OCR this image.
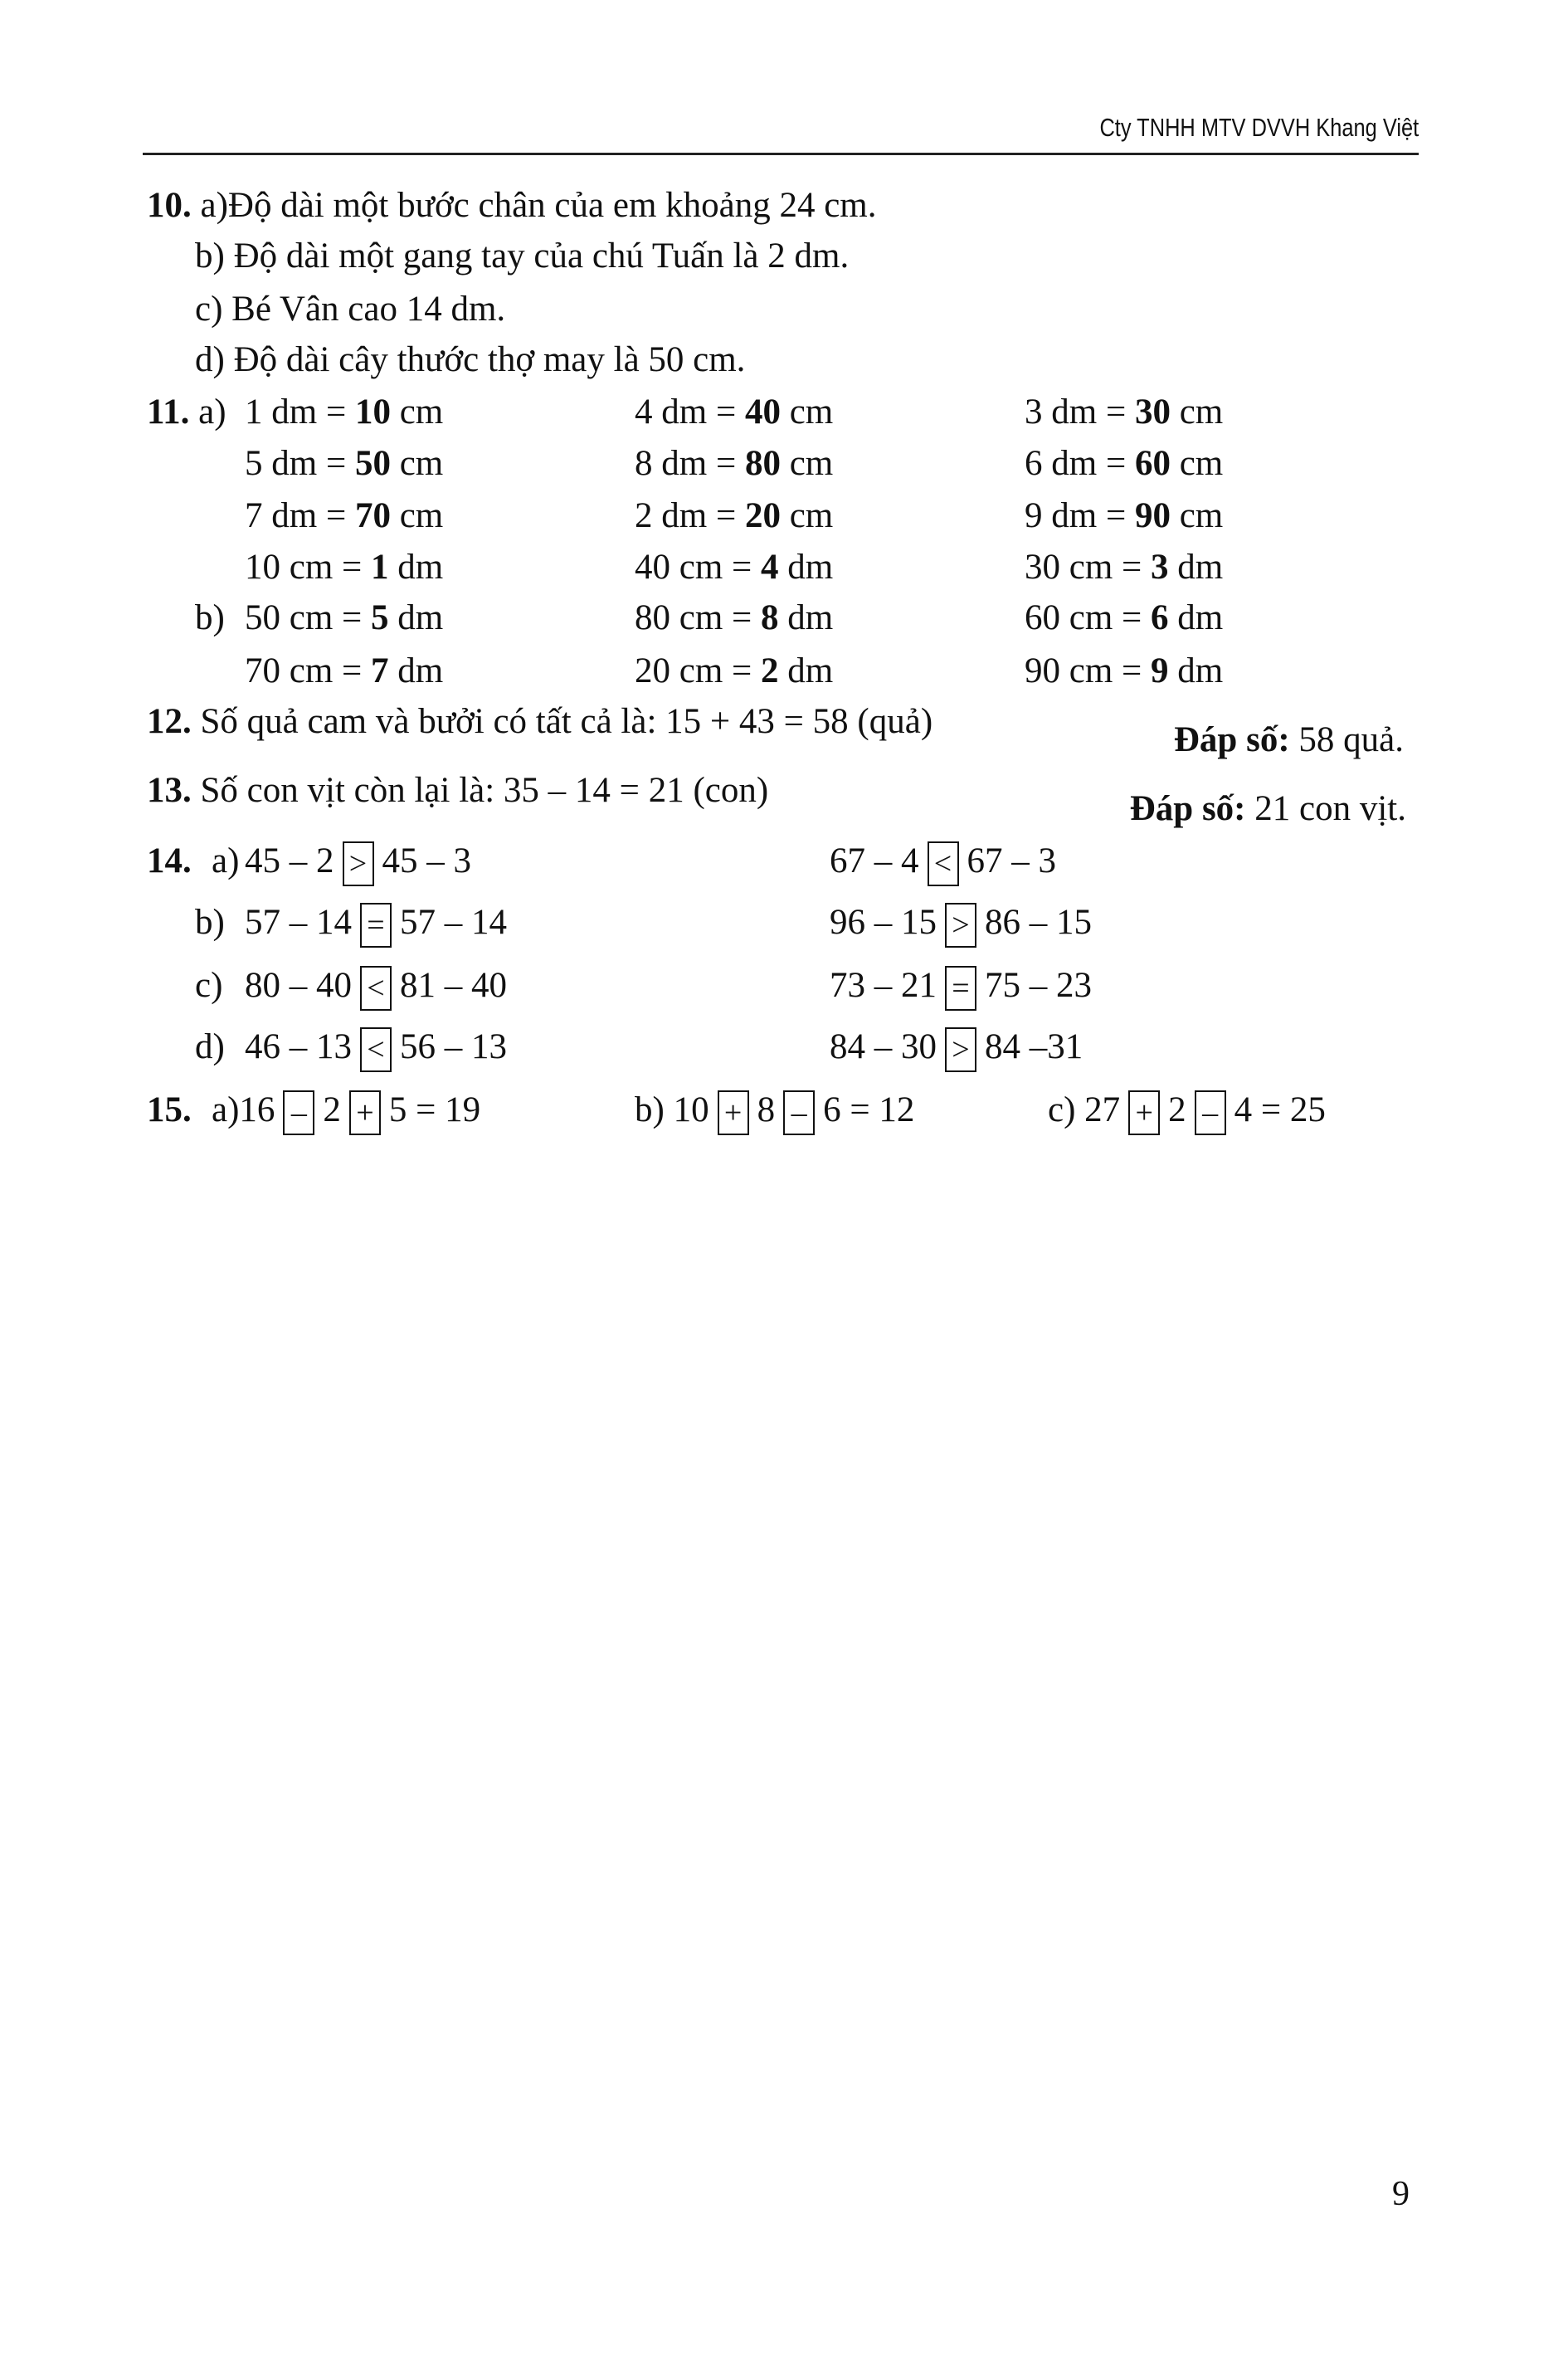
Cty TNHH MTV DVVH Khang Việt
10. a)Độ dài một bước chân của em khoảng 24 cm.
b) Độ dài một gang tay của chú Tuấn là 2 dm.
c) Bé Vân cao 14 dm.
d) Độ dài cây thước thợ may là 50 cm.
11. a)
b)
1 dm = 10 cm	4 dm = 40 cm	3 dm = 30 cm
5 dm = 50 cm	8 dm = 80 cm	6 dm = 60 cm
7 dm = 70 cm	2 dm = 20 cm	9 dm = 90 cm
10 cm = 1 dm	40 cm = 4 dm	30 cm = 3 dm
50 cm = 5 dm	80 cm = 8 dm	60 cm = 6 dm
70 cm = 7 dm	20 cm = 2 dm	90 cm = 9 dm
12. Số quả cam và bưởi có tất cả là: 15 + 43 = 58 (quả)	Đáp số: 58 quả.
13. Số con vịt còn lại là: 35 – 14 = 21 (con)	Đáp số: 21 con vịt.
14. a) 45 – 2 > 45 – 3	67 – 4 < 67 – 3
b) 57 – 14 = 57 – 14	96 – 15 > 86 – 15
c) 80 – 40 < 81 – 40	73 – 21 = 75 – 23
d) 46 – 13 < 56 – 13	84 – 30 > 84 –31
15. a)16 – 2 + 5 = 19	b) 10 + 8 – 6 = 12	c) 27 + 2 – 4 = 25
9
